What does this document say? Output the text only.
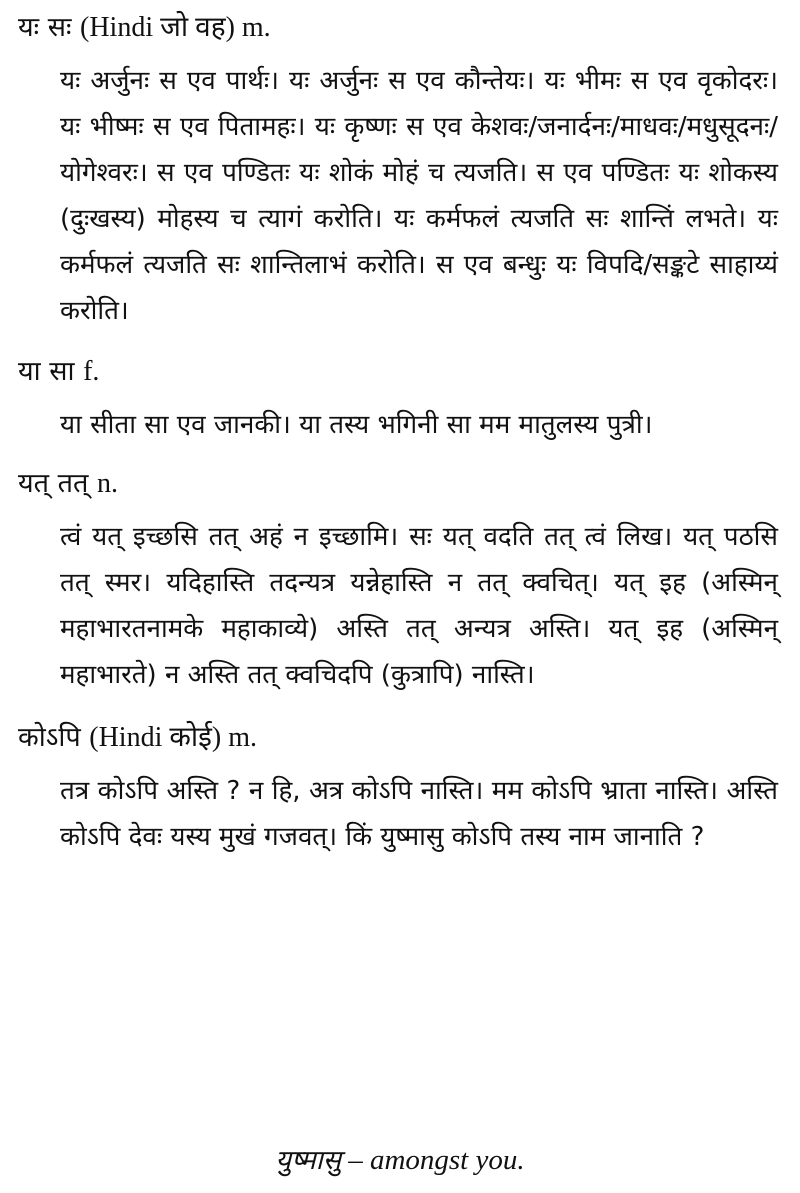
यः सः (Hindi जो वह) m.

यः अर्जुनः स एव पार्थः। यः अर्जुनः स एव कौन्तेयः। यः भीमः स एव वृकोदरः। यः भीष्मः स एव पितामहः। यः कृष्णः स एव केशवः/जनार्दनः/माधवः/मधुसूदनः/योगेश्वरः। स एव पण्डितः यः शोकं मोहं च त्यजति। स एव पण्डितः यः शोकस्य (दुःखस्य) मोहस्य च त्यागं करोति। यः कर्मफलं त्यजति सः शान्तिं लभते। यः कर्मफलं त्यजति सः शान्तिलाभं करोति। स एव बन्धुः यः विपदि/सङ्कटे साहाय्यं करोति।

या सा f.

या सीता सा एव जानकी। या तस्य भगिनी सा मम मातुलस्य पुत्री।

यत् तत् n.

त्वं यत् इच्छसि तत् अहं न इच्छामि। सः यत् वदति तत् त्वं लिख। यत् पठसि तत् स्मर। यदिहास्ति तदन्यत्र यन्नेहास्ति न तत् क्वचित्। यत् इह (अस्मिन् महाभारतनामके महाकाव्ये) अस्ति तत् अन्यत्र अस्ति। यत् इह (अस्मिन् महाभारते) न अस्ति तत् क्वचिदपि (कुत्रापि) नास्ति।

कोऽपि (Hindi कोई) m.

तत्र कोऽपि अस्ति ? न हि, अत्र कोऽपि नास्ति। मम कोऽपि भ्राता नास्ति। अस्ति कोऽपि देवः यस्य मुखं गजवत्। किं युष्मासु कोऽपि तस्य नाम जानाति ?

युष्मासु – amongst you.
